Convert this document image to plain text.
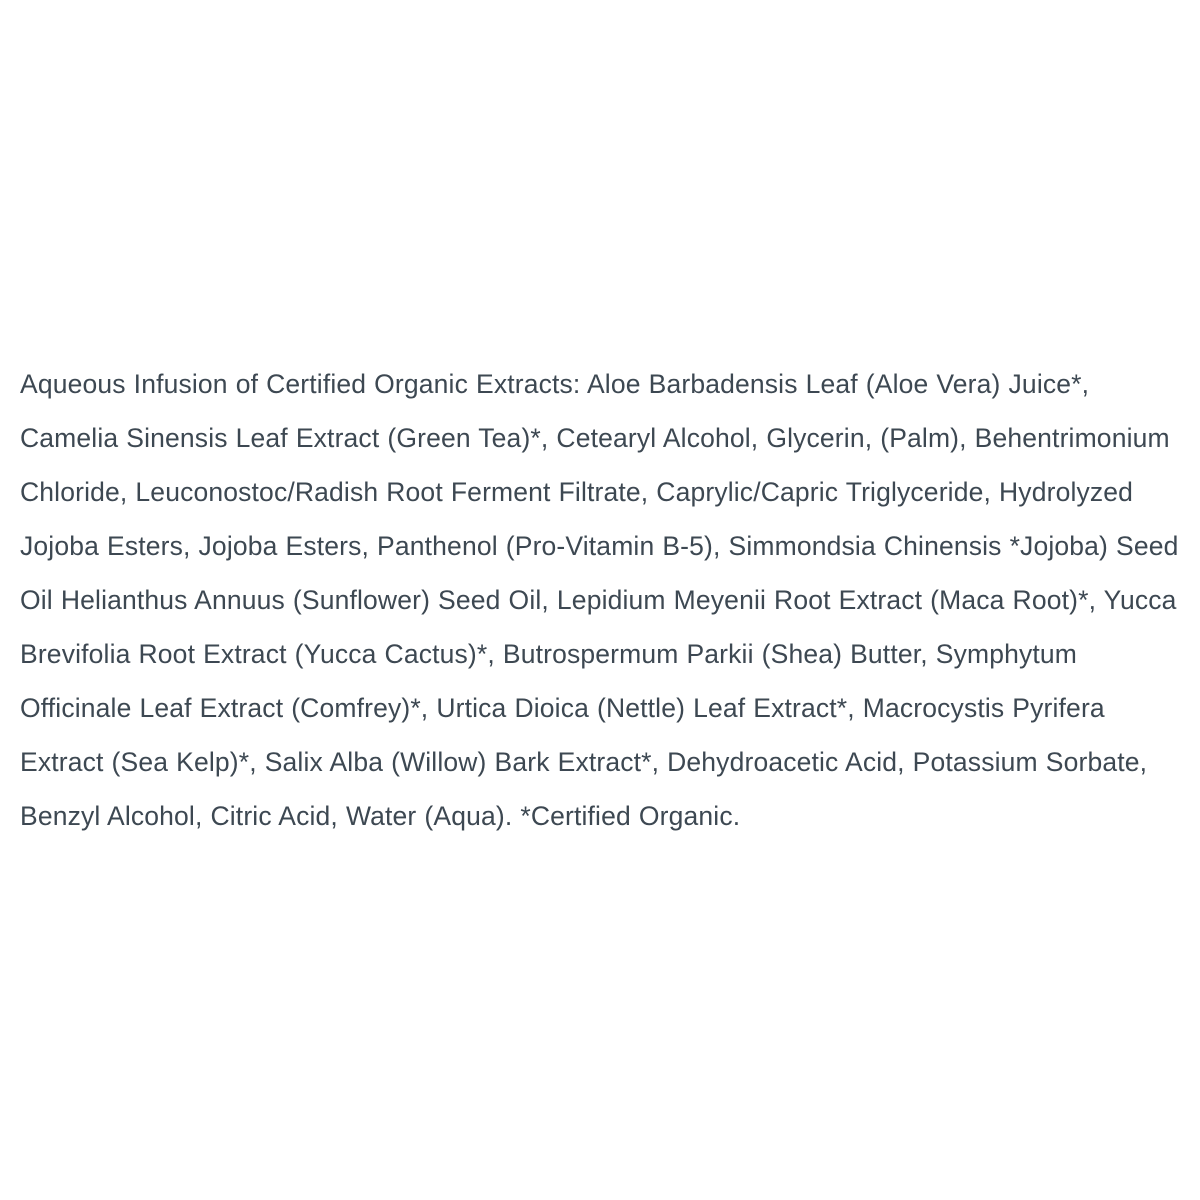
Aqueous Infusion of Certified Organic Extracts: Aloe Barbadensis Leaf (Aloe Vera) Juice*, Camelia Sinensis Leaf Extract (Green Tea)*, Cetearyl Alcohol, Glycerin, (Palm), Behentrimonium Chloride, Leuconostoc/Radish Root Ferment Filtrate, Caprylic/Capric Triglyceride, Hydrolyzed Jojoba Esters, Jojoba Esters, Panthenol (Pro-Vitamin B-5), Simmondsia Chinensis *Jojoba) Seed Oil Helianthus Annuus (Sunflower) Seed Oil, Lepidium Meyenii Root Extract (Maca Root)*, Yucca Brevifolia Root Extract (Yucca Cactus)*, Butrospermum Parkii (Shea) Butter, Symphytum Officinale Leaf Extract (Comfrey)*, Urtica Dioica (Nettle) Leaf Extract*, Macrocystis Pyrifera Extract (Sea Kelp)*, Salix Alba (Willow) Bark Extract*, Dehydroacetic Acid, Potassium Sorbate, Benzyl Alcohol, Citric Acid, Water (Aqua). *Certified Organic.
